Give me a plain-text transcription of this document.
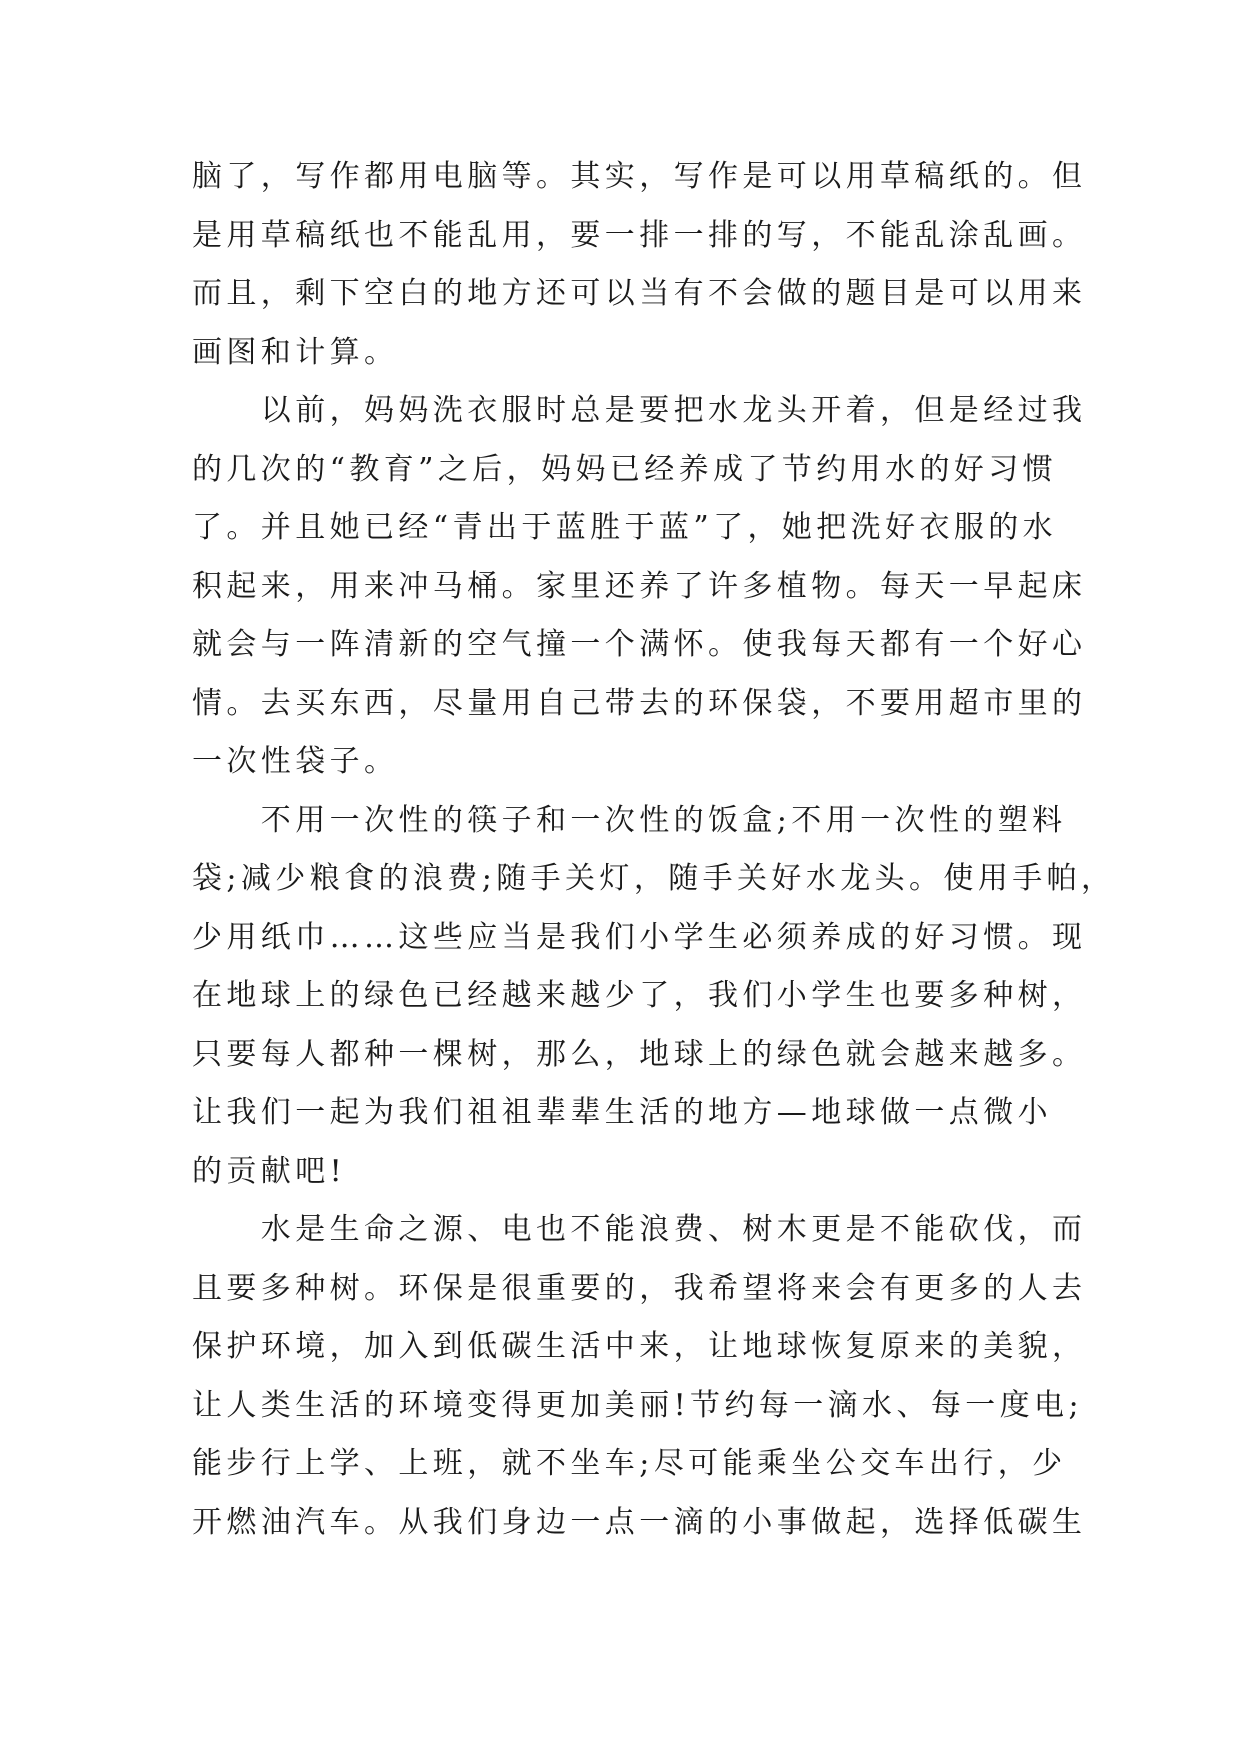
脑了，写作都用电脑等。其实，写作是可以用草稿纸的。但
是用草稿纸也不能乱用，要一排一排的写，不能乱涂乱画。
而且，剩下空白的地方还可以当有不会做的题目是可以用来
画图和计算。
　　以前，妈妈洗衣服时总是要把水龙头开着，但是经过我
的几次的“教育”之后，妈妈已经养成了节约用水的好习惯
了。并且她已经“青出于蓝胜于蓝”了，她把洗好衣服的水
积起来，用来冲马桶。家里还养了许多植物。每天一早起床
就会与一阵清新的空气撞一个满怀。使我每天都有一个好心
情。去买东西，尽量用自己带去的环保袋，不要用超市里的
一次性袋子。
　　不用一次性的筷子和一次性的饭盒;不用一次性的塑料
袋;减少粮食的浪费;随手关灯，随手关好水龙头。使用手帕，
少用纸巾……这些应当是我们小学生必须养成的好习惯。现
在地球上的绿色已经越来越少了，我们小学生也要多种树，
只要每人都种一棵树，那么，地球上的绿色就会越来越多。
让我们一起为我们祖祖辈辈生活的地方—地球做一点微小
的贡献吧!
　　水是生命之源、电也不能浪费、树木更是不能砍伐，而
且要多种树。环保是很重要的，我希望将来会有更多的人去
保护环境，加入到低碳生活中来，让地球恢复原来的美貌，
让人类生活的环境变得更加美丽!节约每一滴水、每一度电;
能步行上学、上班，就不坐车;尽可能乘坐公交车出行，少
开燃油汽车。从我们身边一点一滴的小事做起，选择低碳生
